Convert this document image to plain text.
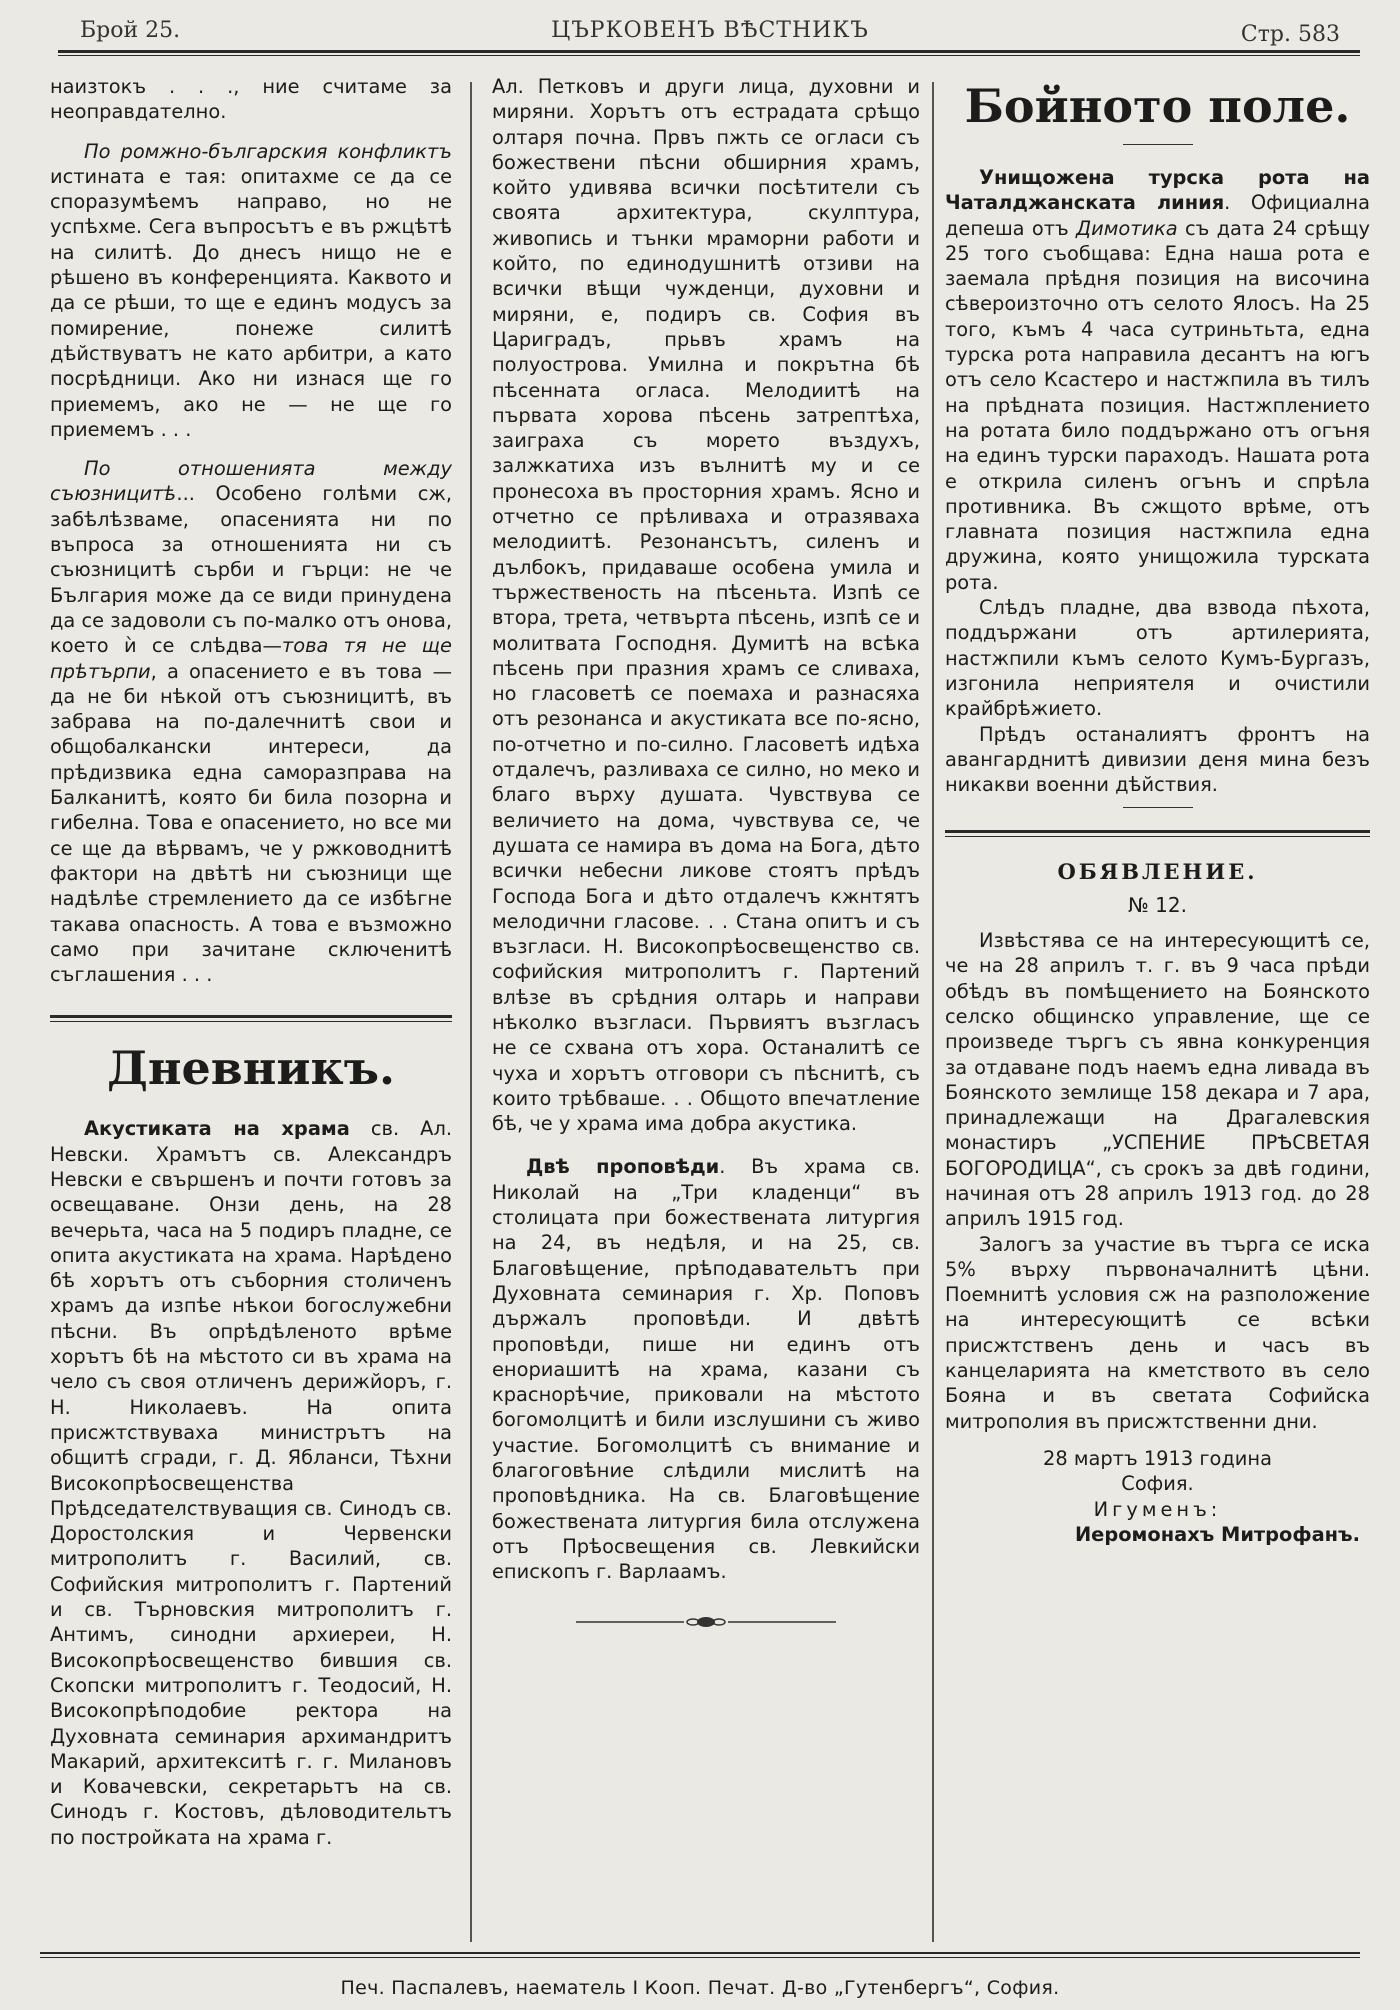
Брой 25.	ЦЪРКОВЕНЪ ВѢСТНИКЪ	Стр. 583

наизтокъ . . ., ние считаме за неоправдателно.

По ромжно-българския конфликтъ истината е тая: опитахме се да се споразумѣемъ направо, но не успѣхме. Сега въпросътъ е въ ржцѣтѣ на силитѣ. До днесъ нищо не е рѣшено въ конференцията. Каквото и да се рѣши, то ще е единъ модусъ за помирение, понеже силитѣ дѣйствуватъ не като арбитри, а като посрѣдници. Ако ни изнася ще го приемемъ, ако не — не ще го приемемъ . . .

По отношенията между съюзницитѣ... Особено голѣми сж, забѣлѣзваме, опасенията ни по въпроса за отношенията ни съ съюзницитѣ сърби и гърци: не че България може да се види принудена да се задоволи съ по-малко отъ онова, което ѝ се слѣдва—това тя не ще прѣтърпи, а опасението е въ това — да не би нѣкой отъ съюзницитѣ, въ забрава на по-далечнитѣ свои и общобалкански интереси, да прѣдизвика една саморазправа на Балканитѣ, която би била позорна и гибелна. Това е опасението, но все ми се ще да вѣрвамъ, че у ржководнитѣ фактори на двѣтѣ ни съюзници ще надѣлѣе стремлението да се избѣгне такава опасность. А това е възможно само при зачитане сключенитѣ съглашения . . .

Дневникъ.

Акустиката на храма св. Ал. Невски. Храмътъ св. Александръ Невски е свършенъ и почти готовъ за освещаване. Онзи день, на 28 вечерьта, часа на 5 подиръ пладне, се опита акустиката на храма. Нарѣдено бѣ хорътъ отъ съборния столиченъ храмъ да изпѣе нѣкои богослужебни пѣсни. Въ опрѣдѣленото врѣме хорътъ бѣ на мѣстото си въ храма на чело съ своя отличенъ дерижйоръ, г. Н. Николаевъ. На опита присжтствуваха министрътъ на общитѣ сгради, г. Д. Ябланси, Тѣхни Високопрѣосвещенства Прѣдседателствуващия св. Синодъ св. Доростолския и Червенски митрополитъ г. Василий, св. Софийския митрополитъ г. Партений и св. Търновския митрополитъ г. Антимъ, синодни архиереи, Н. Високопрѣосвещенство бившия св. Скопски митрополитъ г. Теодосий, Н. Високопрѣподобие ректора на Духовната семинария архимандритъ Макарий, архитекситѣ г. г. Милановъ и Ковачевски, секретарьтъ на св. Синодъ г. Костовъ, дѣловодительтъ по постройката на храма г.

Ал. Петковъ и други лица, духовни и миряни. Хорътъ отъ естрадата срѣщо олтаря почна. Првъ пжть се огласи съ божествени пѣсни обширния храмъ, който удивява всички посѣтители съ своята архитектура, скулптура, живопись и тънки мраморни работи и който, по единодушнитѣ отзиви на всички вѣщи чужденци, духовни и миряни, е, подиръ св. София въ Цариградъ, прьвъ храмъ на полуострова. Умилна и покрътна бѣ пѣсенната огласа. Мелодиитѣ на първата хорова пѣсень затрептѣха, заиграха съ морето въздухъ, залжкатиха изъ вълнитѣ му и се пронесоха въ просторния храмъ. Ясно и отчетно се прѣливаха и отразяваха мелодиитѣ. Резонансътъ, силенъ и дълбокъ, придаваше особена умила и тържественость на пѣсеньта. Изпѣ се втора, трета, четвърта пѣсень, изпѣ се и молитвата Господня. Думитѣ на всѣка пѣсень при празния храмъ се сливаха, но гласоветѣ се поемаха и разнасяха отъ резонанса и акустиката все по-ясно, по-отчетно и по-силно. Гласоветѣ идѣха отдалечъ, разливаха се силно, но меко и благо върху душата. Чувствува се величието на дома, чувствува се, че душата се намира въ дома на Бога, дѣто всички небесни ликове стоятъ прѣдъ Господа Бога и дѣто отдалечъ кжнтятъ мелодични гласове. . . Стана опитъ и съ възгласи. Н. Високопрѣосвещенство св. софийския митрополитъ г. Партений влѣзе въ срѣдния олтарь и направи нѣколко възгласи. Първиятъ възгласъ не се схвана отъ хора. Останалитѣ се чуха и хорътъ отговори съ пѣснитѣ, съ които трѣбваше. . . Общото впечатление бѣ, че у храма има добра акустика.

Двѣ проповѣди. Въ храма св. Николай на „Три кладенци“ въ столицата при божествената литургия на 24, въ недѣля, и на 25, св. Благовѣщение, прѣподавательтъ при Духовната семинария г. Хр. Поповъ държалъ проповѣди. И двѣтѣ проповѣди, пише ни единъ отъ енориашитѣ на храма, казани съ краснорѣчие, приковали на мѣстото богомолцитѣ и били изслушини съ живо участие. Богомолцитѣ съ внимание и благоговѣние слѣдили мислитѣ на проповѣдника. На св. Благовѣщение божествената литургия била отслужена отъ Прѣосвещения св. Левкийски епископъ г. Варлаамъ.

Бойното поле.

Унищожена турска рота на Чаталджанската линия. Официална депеша отъ Димотика съ дата 24 срѣщу 25 того съобщава: Една наша рота е заемала прѣдня позиция на височина сѣвероизточно отъ селото Ялосъ. На 25 того, къмъ 4 часа сутриньтьта, една турска рота направила десантъ на югъ отъ село Ксастеро и настжпила въ тилъ на прѣдната позиция. Настжплението на ротата било поддържано отъ огъня на единъ турски параходъ. Нашата рота е открила силенъ огънъ и спрѣла противника. Въ сжщото врѣме, отъ главната позиция настжпила една дружина, която унищожила турската рота.

Слѣдъ пладне, два взвода пѣхота, поддържани отъ артилерията, настжпили къмъ селото Кумъ-Бургазъ, изгонила неприятеля и очистили крайбрѣжието.

Прѣдъ останалиятъ фронтъ на авангарднитѣ дивизии деня мина безъ никакви военни дѣйствия.

ОБЯВЛЕНИЕ.
№ 12.

Извѣстява се на интересующитѣ се, че на 28 априлъ т. г. въ 9 часа прѣди обѣдъ въ помѣщението на Боянското селско общинско управление, ще се произведе търгъ съ явна конкуренция за отдаване подъ наемъ една ливада въ Боянското землище 158 декара и 7 ара, принадлежащи на Драгалевския монастиръ „УСПЕНИЕ ПРѢСВЕТАЯ БОГОРОДИЦА“, съ срокъ за двѣ години, начиная отъ 28 априлъ 1913 год. до 28 априлъ 1915 год.

Залогъ за участие въ търга се иска 5% върху първоначалнитѣ цѣни. Поемнитѣ условия сж на разположение на интересующитѣ се всѣки присжтственъ день и часъ въ канцеларията на кметството въ село Бояна и въ светата Софийска митрополия въ присжтственни дни.

28 мартъ 1913 година

София.

Игуменъ:

Иеромонахъ Митрофанъ.

Печ. Паспалевъ, наематель I Кооп. Печат. Д-во „Гутенбергъ“, София.
